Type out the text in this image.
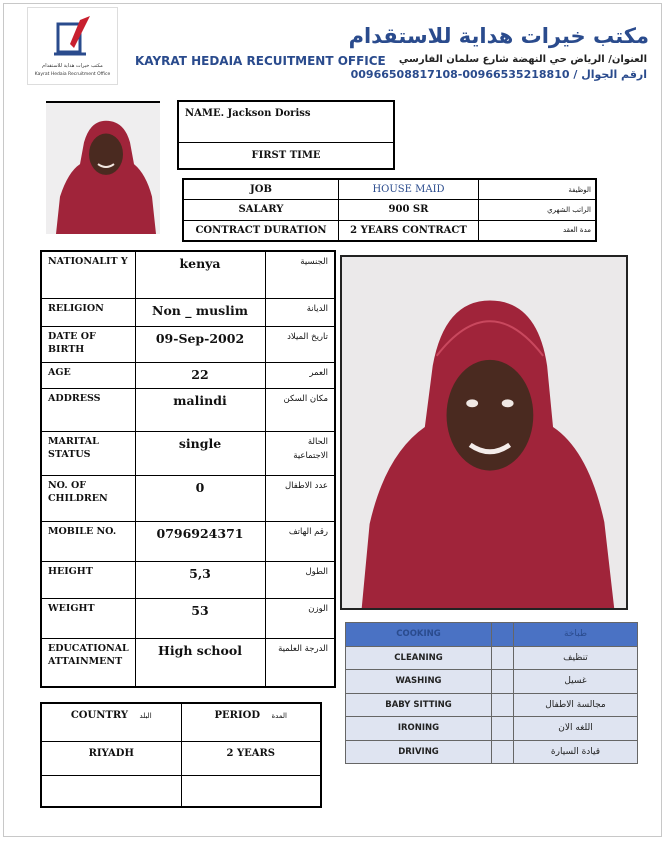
مكتب خيرات هداية للاستقدام
Kayrat Hedaia Recruitment Office
KAYRAT HEDAIA RECUITMENT OFFICE
مكتب خيرات هداية للاستقدام
العنوان/ الرياض حي النهضة شارع سلمان الفارسي
ارقم الجوال / 00966535218810-00966508817108
NAME. Jackson Doriss
FIRST TIME
JOB	HOUSE MAID	الوظيفة
SALARY	900 SR	الراتب الشهري
CONTRACT DURATION	2 YEARS CONTRACT	مدة العقد
NATIONALIT Y	kenya	الجنسية
RELIGION	Non _ muslim	الديانة
DATE OF BIRTH	09-Sep-2002	تاريخ الميلاد
AGE	22	العمر
ADDRESS	malindi	مكان السكن
MARITAL STATUS	single	الحالة الاجتماعية
NO. OF CHILDREN	0	عدد الاطفال
MOBILE NO.	0796924371	رقم الهاتف
HEIGHT	5,3	الطول
WEIGHT	53	الوزن
EDUCATIONAL ATTAINMENT	High school	الدرجة العلمية
COOKING		طباخة
CLEANING		تنظيف
WASHING		غسيل
BABY SITTING		مجالسة الاطفال
IRONING		اللغه الان
DRIVING		قيادة السيارة
COUNTRY البلد	PERIOD المدة
RIYADH	2 YEARS
